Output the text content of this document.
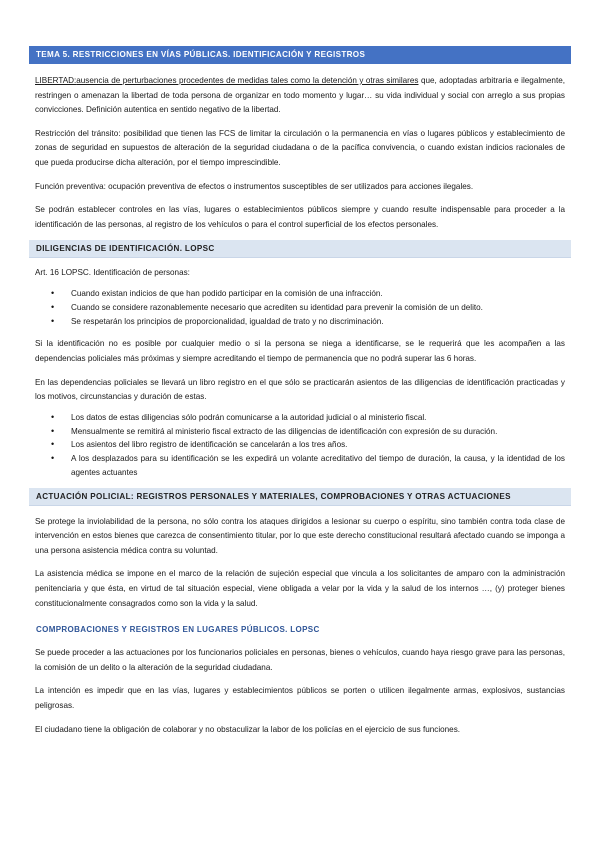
TEMA 5. RESTRICCIONES EN VÍAS PÚBLICAS. IDENTIFICACIÓN Y REGISTROS

LIBERTAD:ausencia de perturbaciones procedentes de medidas tales como la detención y otras similares que, adoptadas arbitraria e ilegalmente, restringen o amenazan la libertad de toda persona de organizar en todo momento y lugar… su vida individual y social con arreglo a sus propias convicciones. Definición autentica en sentido negativo de la libertad.

Restricción del tránsito: posibilidad que tienen las FCS de limitar la circulación o la permanencia en vías o lugares públicos y establecimiento de zonas de seguridad en supuestos de alteración de la seguridad ciudadana o de la pacífica convivencia, o cuando existan indicios racionales de que pueda producirse dicha alteración, por el tiempo imprescindible.

Función preventiva: ocupación preventiva de efectos o instrumentos susceptibles de ser utilizados para acciones ilegales.

Se podrán establecer controles en las vías, lugares o establecimientos públicos siempre y cuando resulte indispensable para proceder a la identificación de las personas, al registro de los vehículos o para el control superficial de los efectos personales.

DILIGENCIAS DE IDENTIFICACIÓN. LOPSC

Art. 16 LOPSC. Identificación de personas:

• Cuando existan indicios de que han podido participar en la comisión de una infracción.
• Cuando se considere razonablemente necesario que acrediten su identidad para prevenir la comisión de un delito.
• Se respetarán los principios de proporcionalidad, igualdad de trato y no discriminación.

Si la identificación no es posible por cualquier medio o si la persona se niega a identificarse, se le requerirá que les acompañen a las dependencias policiales más próximas y siempre acreditando el tiempo de permanencia que no podrá superar las 6 horas.

En las dependencias policiales se llevará un libro registro en el que sólo se practicarán asientos de las diligencias de identificación practicadas y los motivos, circunstancias y duración de estas.

• Los datos de estas diligencias sólo podrán comunicarse a la autoridad judicial o al ministerio fiscal.
• Mensualmente se remitirá al ministerio fiscal extracto de las diligencias de identificación con expresión de su duración.
• Los asientos del libro registro de identificación se cancelarán a los tres años.
• A los desplazados para su identificación se les expedirá un volante acreditativo del tiempo de duración, la causa, y la identidad de los agentes actuantes
ACTUACIÓN POLICIAL: REGISTROS PERSONALES Y MATERIALES, COMPROBACIONES Y OTRAS ACTUACIONES

Se protege la inviolabilidad de la persona, no sólo contra los ataques dirigidos a lesionar su cuerpo o espíritu, sino también contra toda clase de intervención en estos bienes que carezca de consentimiento titular, por lo que este derecho constitucional resultará afectado cuando se imponga a una persona asistencia médica contra su voluntad.

La asistencia médica se impone en el marco de la relación de sujeción especial que vincula a los solicitantes de amparo con la administración penitenciaria y que ésta, en virtud de tal situación especial, viene obligada a velar por la vida y la salud de los internos …, (y) proteger bienes constitucionalmente consagrados como son la vida y la salud.

COMPROBACIONES Y REGISTROS EN LUGARES PÚBLICOS. LOPSC

Se puede proceder a las actuaciones por los funcionarios policiales en personas, bienes o vehículos, cuando haya riesgo grave para las personas, la comisión de un delito o la alteración de la seguridad ciudadana.

La intención es impedir que en las vías, lugares y establecimientos públicos se porten o utilicen ilegalmente armas, explosivos, sustancias peligrosas.

El ciudadano tiene la obligación de colaborar y no obstaculizar la labor de los policías en el ejercicio de sus funciones.
